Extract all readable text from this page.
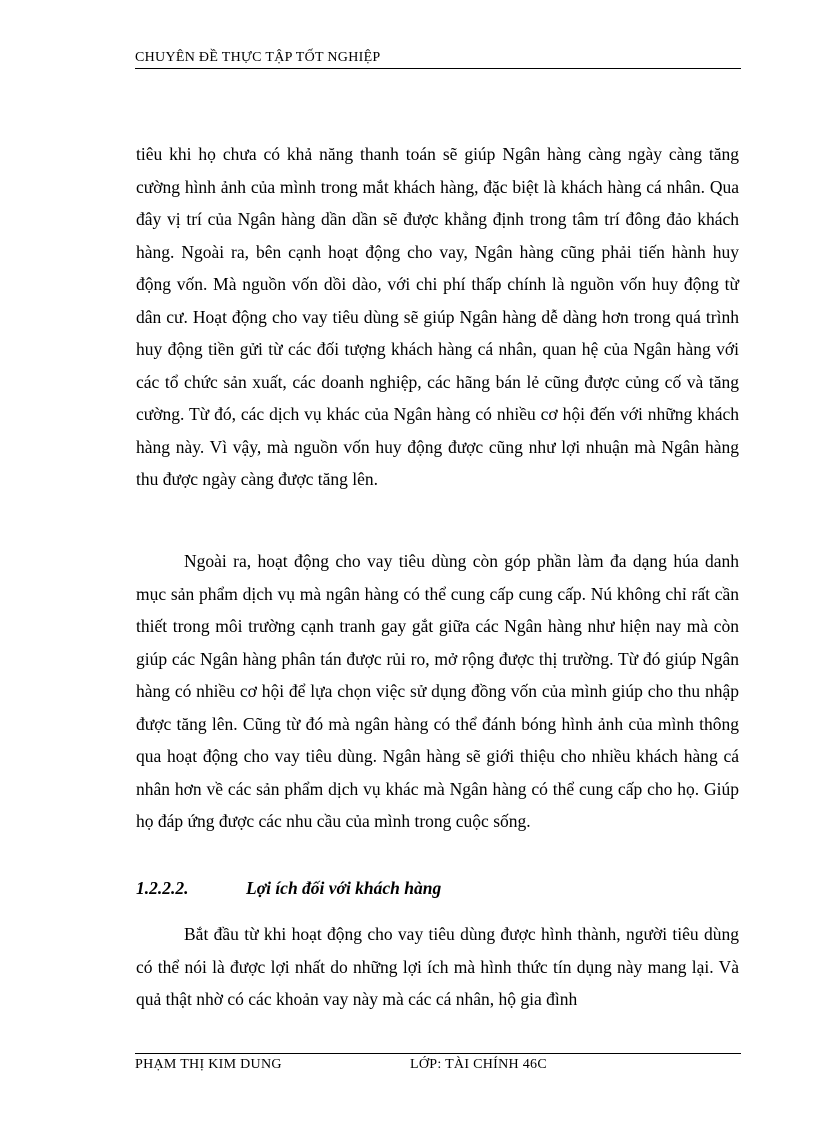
CHUYÊN ĐỀ THỰC TẬP TỐT NGHIỆP
tiêu khi họ chưa có khả năng thanh toán sẽ giúp Ngân hàng càng ngày càng tăng cường hình ảnh của mình trong mắt khách hàng, đặc biệt là khách hàng cá nhân. Qua đây vị trí của Ngân hàng dần dần sẽ được khẳng định trong tâm trí đông đảo khách hàng. Ngoài ra, bên cạnh hoạt động cho vay, Ngân hàng cũng phải tiến hành huy động vốn. Mà nguồn vốn dồi dào, với chi phí thấp chính là nguồn vốn huy động từ dân cư. Hoạt động cho vay tiêu dùng sẽ giúp Ngân hàng dễ dàng hơn trong quá trình huy động tiền gửi từ các đối tượng khách hàng cá nhân, quan hệ của Ngân hàng với các tổ chức sản xuất, các doanh nghiệp, các hãng bán lẻ cũng được củng cố và tăng cường. Từ đó, các dịch vụ khác của Ngân hàng có nhiều cơ hội đến với những khách hàng này. Vì vậy, mà nguồn vốn huy động được cũng như lợi nhuận mà Ngân hàng thu được ngày càng được tăng lên.
Ngoài ra, hoạt động cho vay tiêu dùng còn góp phần làm đa dạng húa danh mục sản phẩm dịch vụ mà ngân hàng có thể cung cấp cung cấp. Nú không chỉ rất cần thiết trong môi trường cạnh tranh gay gắt giữa các Ngân hàng như hiện nay mà còn giúp các Ngân hàng phân tán được rủi ro, mở rộng được thị trường. Từ đó giúp Ngân hàng có nhiều cơ hội để lựa chọn việc sử dụng đồng vốn của mình giúp cho thu nhập được tăng lên. Cũng từ đó mà ngân hàng có thể đánh bóng hình ảnh của mình thông qua hoạt động cho vay tiêu dùng. Ngân hàng sẽ giới thiệu cho nhiều khách hàng cá nhân hơn về các sản phẩm dịch vụ khác mà Ngân hàng có thể cung cấp cho họ. Giúp họ đáp ứng được các nhu cầu của mình trong cuộc sống.
1.2.2.2.	Lợi ích đối với khách hàng
Bắt đầu từ khi hoạt động cho vay tiêu dùng được hình thành, người tiêu dùng có thể nói là được lợi nhất do những lợi ích mà hình thức tín dụng này mang lại. Và quả thật nhờ có các khoản vay này mà các cá nhân, hộ gia đình
PHẠM THỊ KIM DUNG	LỚP: TÀI CHÍNH 46C
